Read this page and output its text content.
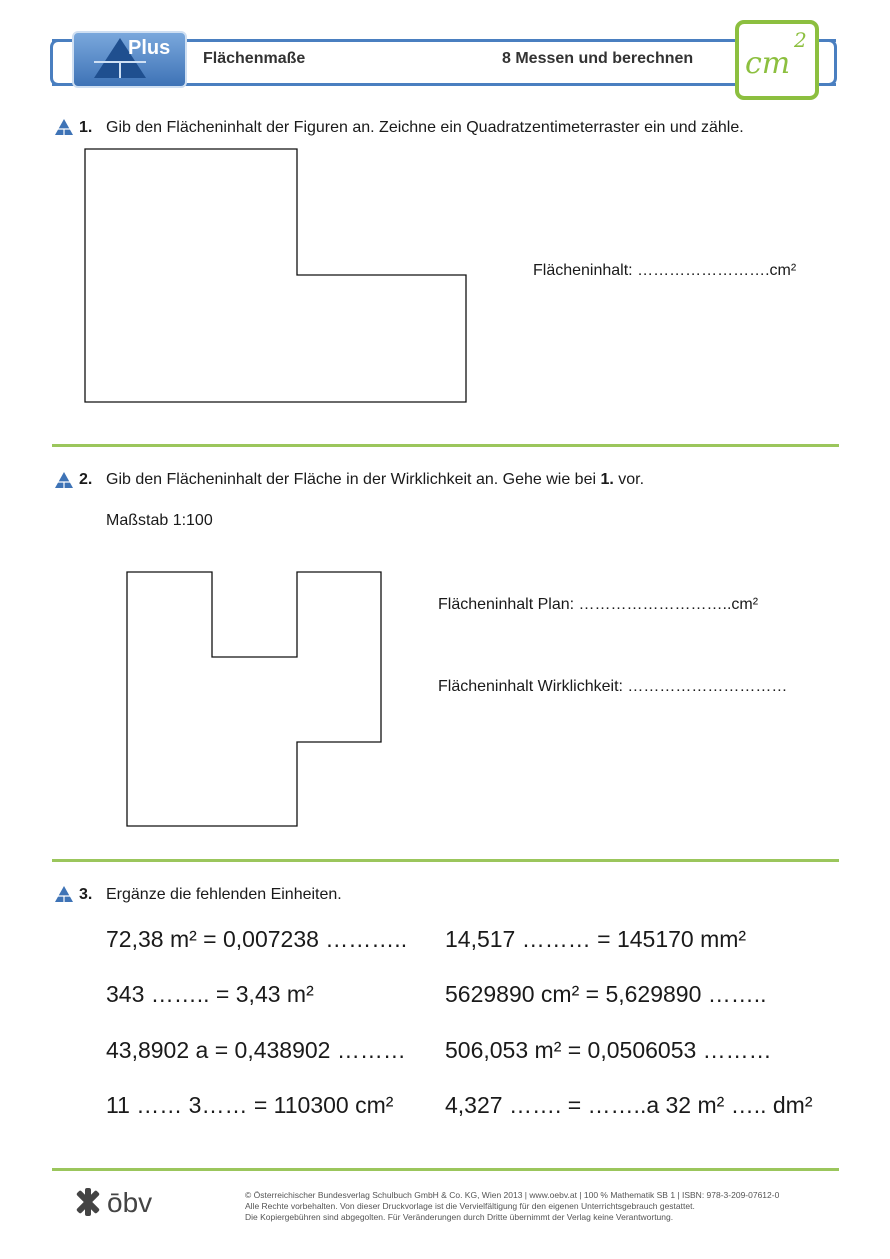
Plus Flächenmaße	8 Messen und berechnen cm
2
1. Gib den Flächeninhalt der Figuren an. Zeichne ein Quadratzentimeterraster ein und zähle.
Flächeninhalt: …………………….cm²
2. Gib den Flächeninhalt der Fläche in der Wirklichkeit an. Gehe wie bei 1. vor.
Maßstab 1:100
Flächeninhalt Plan: ………………………..cm²
Flächeninhalt Wirklichkeit: …………………………
3. Ergänze die fehlenden Einheiten.
72,38 m² = 0,007238 ………..
343 …….. = 3,43 m²
43,8902 a = 0,438902 ………
11 …… 3…… = 110300 cm²
14,517 ……… = 145170 mm²
5629890 cm² = 5,629890 ……..
506,053 m² = 0,0506053 ………
4,327 ……. = ……..a 32 m² ….. dm²
ōbv	© Österreichischer Bundesverlag Schulbuch GmbH & Co. KG, Wien 2013 | www.oebv.at | 100 % Mathematik SB 1 | ISBN: 978-3-209-07612-0
Alle Rechte vorbehalten. Von dieser Druckvorlage ist die Vervielfältigung für den eigenen Unterrichtsgebrauch gestattet.
Die Kopiergebühren sind abgegolten. Für Veränderungen durch Dritte übernimmt der Verlag keine Verantwortung.
